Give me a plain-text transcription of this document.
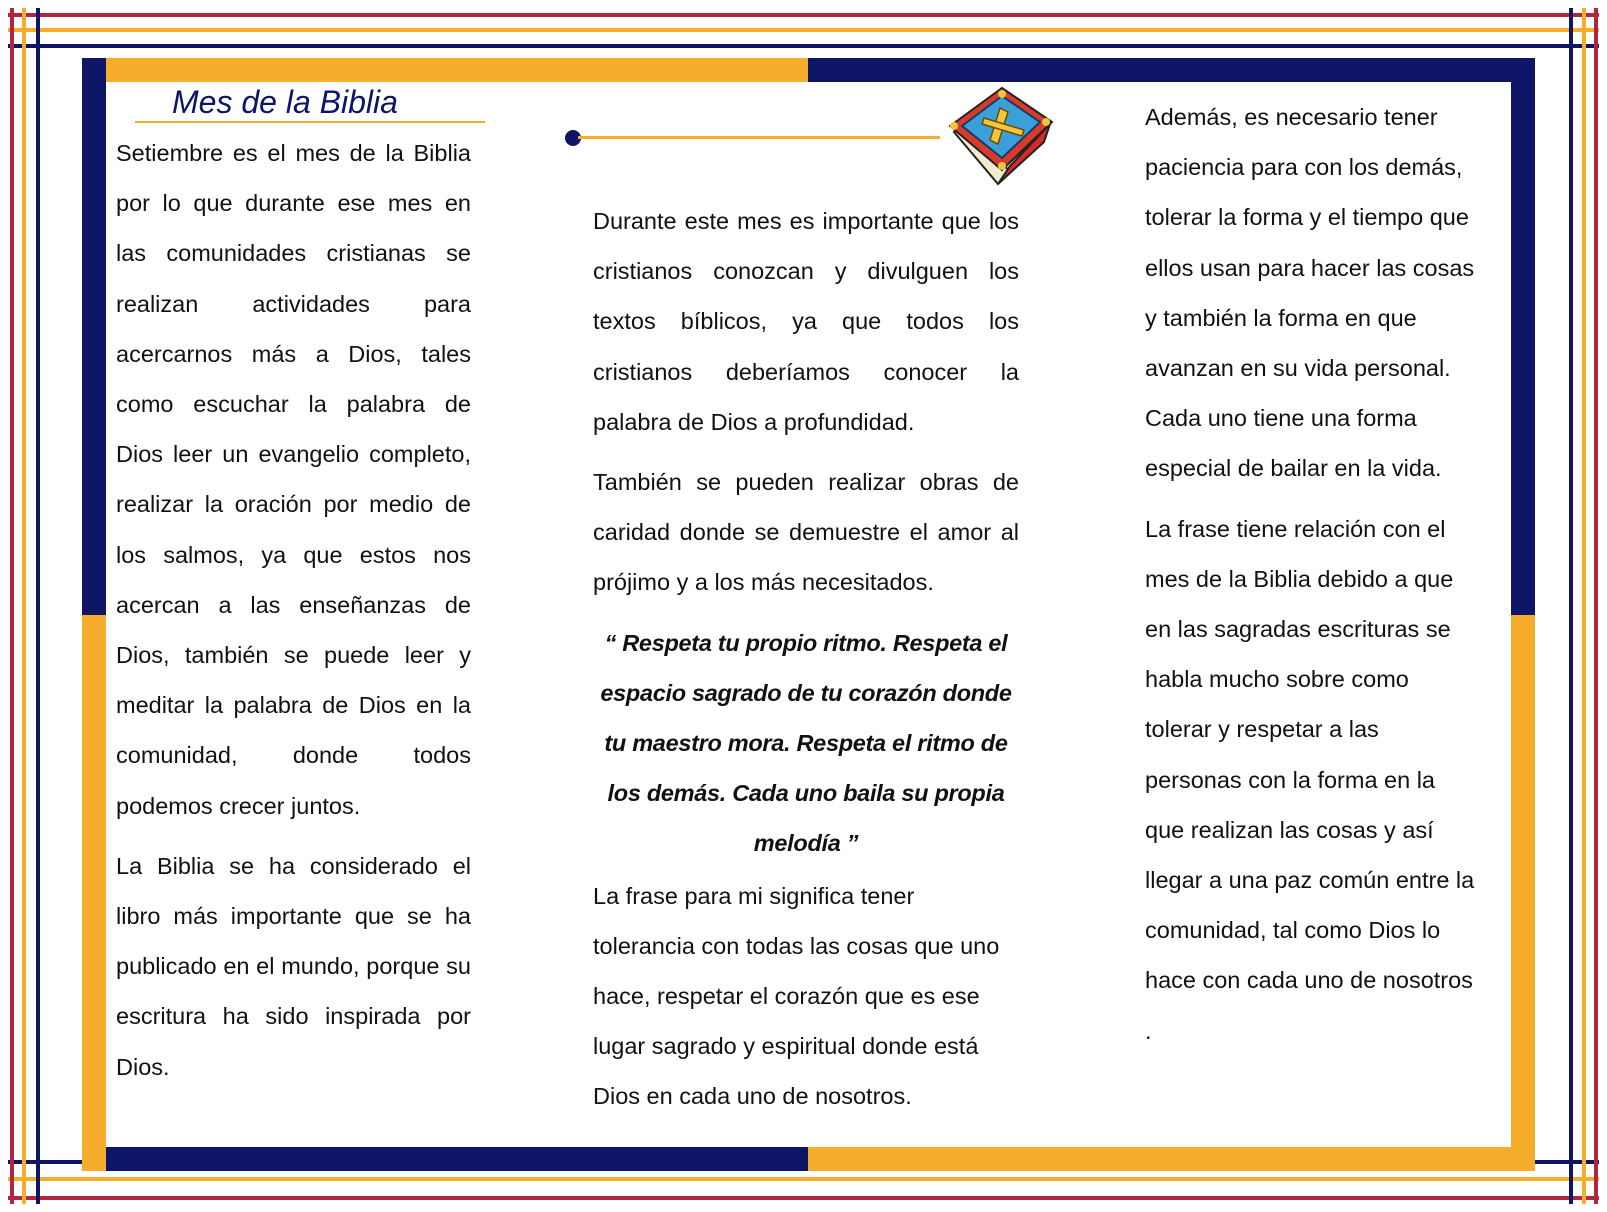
Mes de la Biblia

Setiembre es el mes de la Biblia por lo que durante ese mes en las comunidades cristianas se realizan actividades para acercarnos más a Dios, tales como escuchar la palabra de Dios leer un evangelio completo, realizar la oración por medio de los salmos, ya que estos nos acercan a las enseñanzas de Dios, también se puede leer y meditar la palabra de Dios en la comunidad, donde todos podemos crecer juntos.

La Biblia se ha considerado el libro más importante que se ha publicado en el mundo, porque su escritura ha sido inspirada por Dios.

Durante este mes es importante que los cristianos conozcan y divulguen los textos bíblicos, ya que todos los cristianos deberíamos conocer la palabra de Dios a profundidad.

También se pueden realizar obras de caridad donde se demuestre el amor al prójimo y a los más necesitados.

“ Respeta tu propio ritmo. Respeta el espacio sagrado de tu corazón donde tu maestro mora. Respeta el ritmo de los demás. Cada uno baila su propia melodía ”

La frase para mi significa tener tolerancia con todas las cosas que uno hace, respetar el corazón que es ese lugar sagrado y espiritual donde está Dios en cada uno de nosotros.

Además, es necesario tener paciencia para con los demás, tolerar la forma y el tiempo que ellos usan para hacer las cosas y también la forma en que avanzan en su vida personal. Cada uno tiene una forma especial de bailar en la vida.

La frase tiene relación con el mes de la Biblia debido a que en las sagradas escrituras se habla mucho sobre como tolerar y respetar a las personas con la forma en la que realizan las cosas y así llegar a una paz común entre la comunidad, tal como Dios lo hace con cada uno de nosotros .
